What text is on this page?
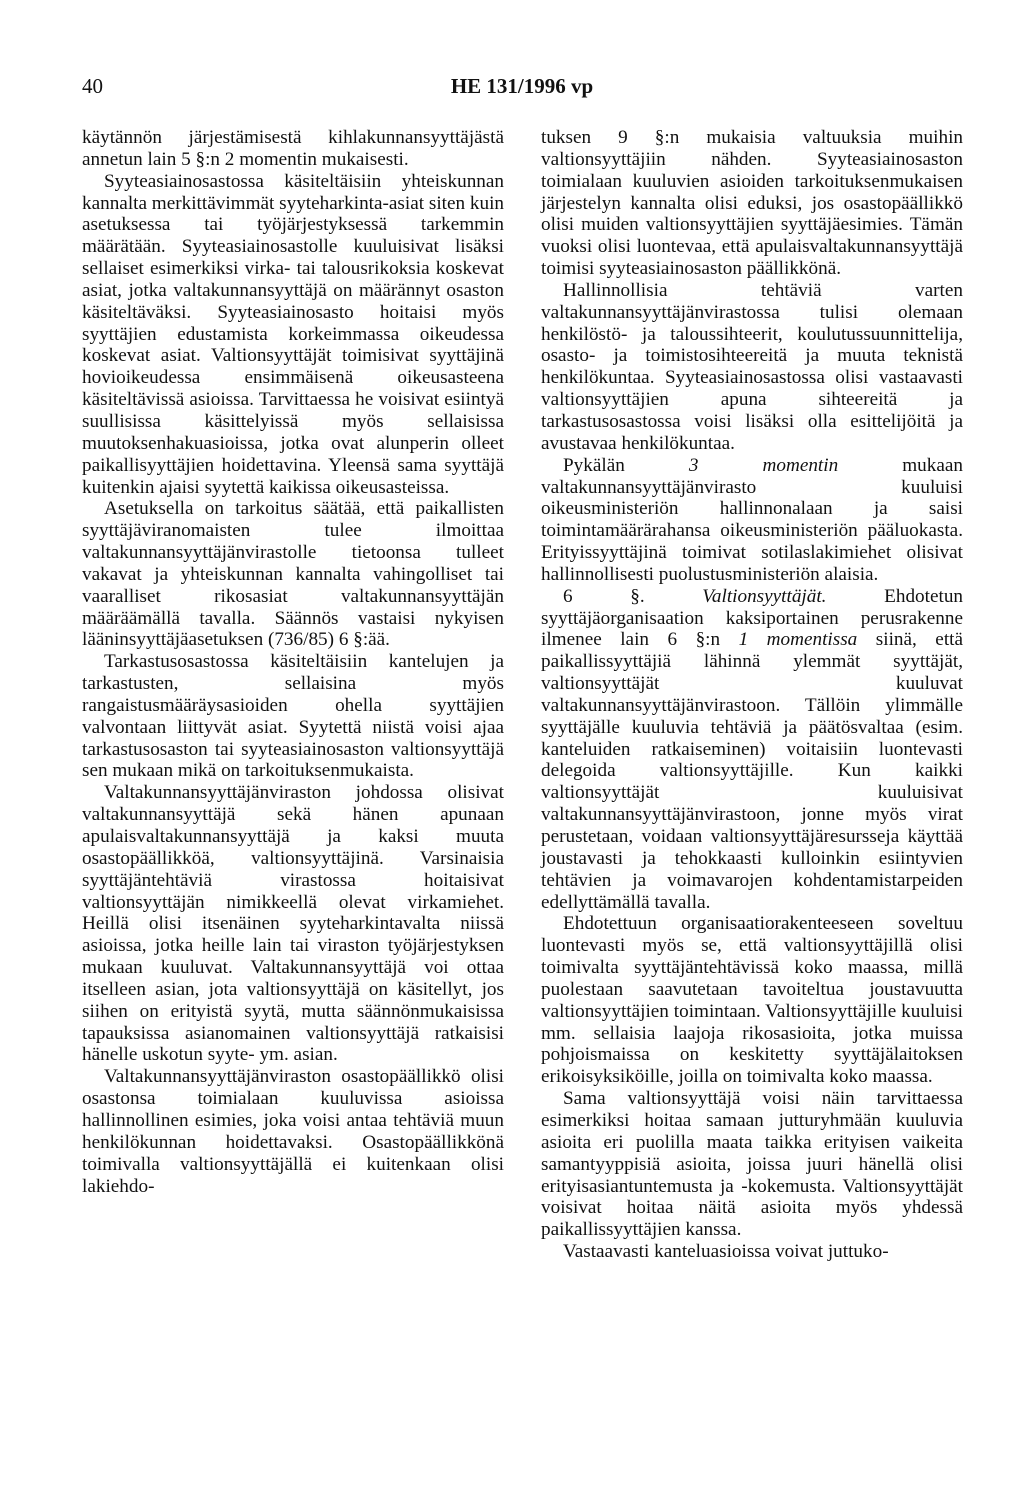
40	HE 131/1996 vp

käytännön järjestämisestä kihlakunnansyyttäjästä annetun lain 5 §:n 2 momentin mukaisesti.

Syyteasiainosastossa käsiteltäisiin yhteiskunnan kannalta merkittävimmät syyteharkinta-asiat siten kuin asetuksessa tai työjärjestyksessä tarkemmin määrätään. Syyteasiainosastolle kuuluisivat lisäksi sellaiset esimerkiksi virka- tai talousrikoksia koskevat asiat, jotka valtakunnansyyttäjä on määrännyt osaston käsiteltäväksi. Syyteasiainosasto hoitaisi myös syyttäjien edustamista korkeimmassa oikeudessa koskevat asiat. Valtionsyyttäjät toimisivat syyttäjinä hovioikeudessa ensimmäisenä oikeusasteena käsiteltävissä asioissa. Tarvittaessa he voisivat esiintyä suullisissa käsittelyissä myös sellaisissa muutoksenhakuasioissa, jotka ovat alunperin olleet paikallisyyttäjien hoidettavina. Yleensä sama syyttäjä kuitenkin ajaisi syytettä kaikissa oikeusasteissa.

Asetuksella on tarkoitus säätää, että paikallisten syyttäjäviranomaisten tulee ilmoittaa valtakunnansyyttäjänvirastolle tietoonsa tulleet vakavat ja yhteiskunnan kannalta vahingolliset tai vaaralliset rikosasiat valtakunnansyyttäjän määräämällä tavalla. Säännös vastaisi nykyisen lääninsyyttäjäasetuksen (736/85) 6 §:ää.

Tarkastusosastossa käsiteltäisiin kantelujen ja tarkastusten, sellaisina myös rangaistusmääräysasioiden ohella syyttäjien valvontaan liittyvät asiat. Syytettä niistä voisi ajaa tarkastusosaston tai syyteasiainosaston valtionsyyttäjä sen mukaan mikä on tarkoituksenmukaista.

Valtakunnansyyttäjänviraston johdossa olisivat valtakunnansyyttäjä sekä hänen apunaan apulaisvaltakunnansyyttäjä ja kaksi muuta osastopäällikköä, valtionsyyttäjinä. Varsinaisia syyttäjäntehtäviä virastossa hoitaisivat valtionsyyttäjän nimikkeellä olevat virkamiehet. Heillä olisi itsenäinen syyteharkintavalta niissä asioissa, jotka heille lain tai viraston työjärjestyksen mukaan kuuluvat. Valtakunnansyyttäjä voi ottaa itselleen asian, jota valtionsyyttäjä on käsitellyt, jos siihen on erityistä syytä, mutta säännönmukaisissa tapauksissa asianomainen valtionsyyttäjä ratkaisisi hänelle uskotun syyte- ym. asian.

Valtakunnansyyttäjänviraston osastopäällikkö olisi osastonsa toimialaan kuuluvissa asioissa hallinnollinen esimies, joka voisi antaa tehtäviä muun henkilökunnan hoidettavaksi. Osastopäällikkönä toimivalla valtionsyyttäjällä ei kuitenkaan olisi lakiehdo-

tuksen 9 §:n mukaisia valtuuksia muihin valtionsyyttäjiin nähden. Syyteasiainosaston toimialaan kuuluvien asioiden tarkoituksenmukaisen järjestelyn kannalta olisi eduksi, jos osastopäällikkö olisi muiden valtionsyyttäjien syyttäjäesimies. Tämän vuoksi olisi luontevaa, että apulaisvaltakunnansyyttäjä toimisi syyteasiainosaston päällikkönä.

Hallinnollisia tehtäviä varten valtakunnansyyttäjänvirastossa tulisi olemaan henkilöstö- ja taloussihteerit, koulutussuunnittelija, osasto- ja toimistosihteereitä ja muuta teknistä henkilökuntaa. Syyteasiainosastossa olisi vastaavasti valtionsyyttäjien apuna sihteereitä ja tarkastusosastossa voisi lisäksi olla esittelijöitä ja avustavaa henkilökuntaa.

Pykälän 3 momentin mukaan valtakunnansyyttäjänvirasto kuuluisi oikeusministeriön hallinnonalaan ja saisi toimintamäärärahansa oikeusministeriön pääluokasta. Erityissyyttäjinä toimivat sotilaslakimiehet olisivat hallinnollisesti puolustusministeriön alaisia.

6 §. Valtionsyyttäjät. Ehdotetun syyttäjäorganisaation kaksiportainen perusrakenne ilmenee lain 6 §:n 1 momentissa siinä, että paikallissyyttäjiä lähinnä ylemmät syyttäjät, valtionsyyttäjät kuuluvat valtakunnansyyttäjänvirastoon. Tällöin ylimmälle syyttäjälle kuuluvia tehtäviä ja päätösvaltaa (esim. kanteluiden ratkaiseminen) voitaisiin luontevasti delegoida valtionsyyttäjille. Kun kaikki valtionsyyttäjät kuuluisivat valtakunnansyyttäjänvirastoon, jonne myös virat perustetaan, voidaan valtionsyyttäjäresursseja käyttää joustavasti ja tehokkaasti kulloinkin esiintyvien tehtävien ja voimavarojen kohdentamistarpeiden edellyttämällä tavalla.

Ehdotettuun organisaatiorakenteeseen soveltuu luontevasti myös se, että valtionsyyttäjillä olisi toimivalta syyttäjäntehtävissä koko maassa, millä puolestaan saavutetaan tavoiteltua joustavuutta valtionsyyttäjien toimintaan. Valtionsyyttäjille kuuluisi mm. sellaisia laajoja rikosasioita, jotka muissa pohjoismaissa on keskitetty syyttäjälaitoksen erikoisyksiköille, joilla on toimivalta koko maassa.

Sama valtionsyyttäjä voisi näin tarvittaessa esimerkiksi hoitaa samaan jutturyhmään kuuluvia asioita eri puolilla maata taikka erityisen vaikeita samantyyppisiä asioita, joissa juuri hänellä olisi erityisasiantuntemusta ja -kokemusta. Valtionsyyttäjät voisivat hoitaa näitä asioita myös yhdessä paikallissyyttäjien kanssa.

Vastaavasti kanteluasioissa voivat juttuko-
